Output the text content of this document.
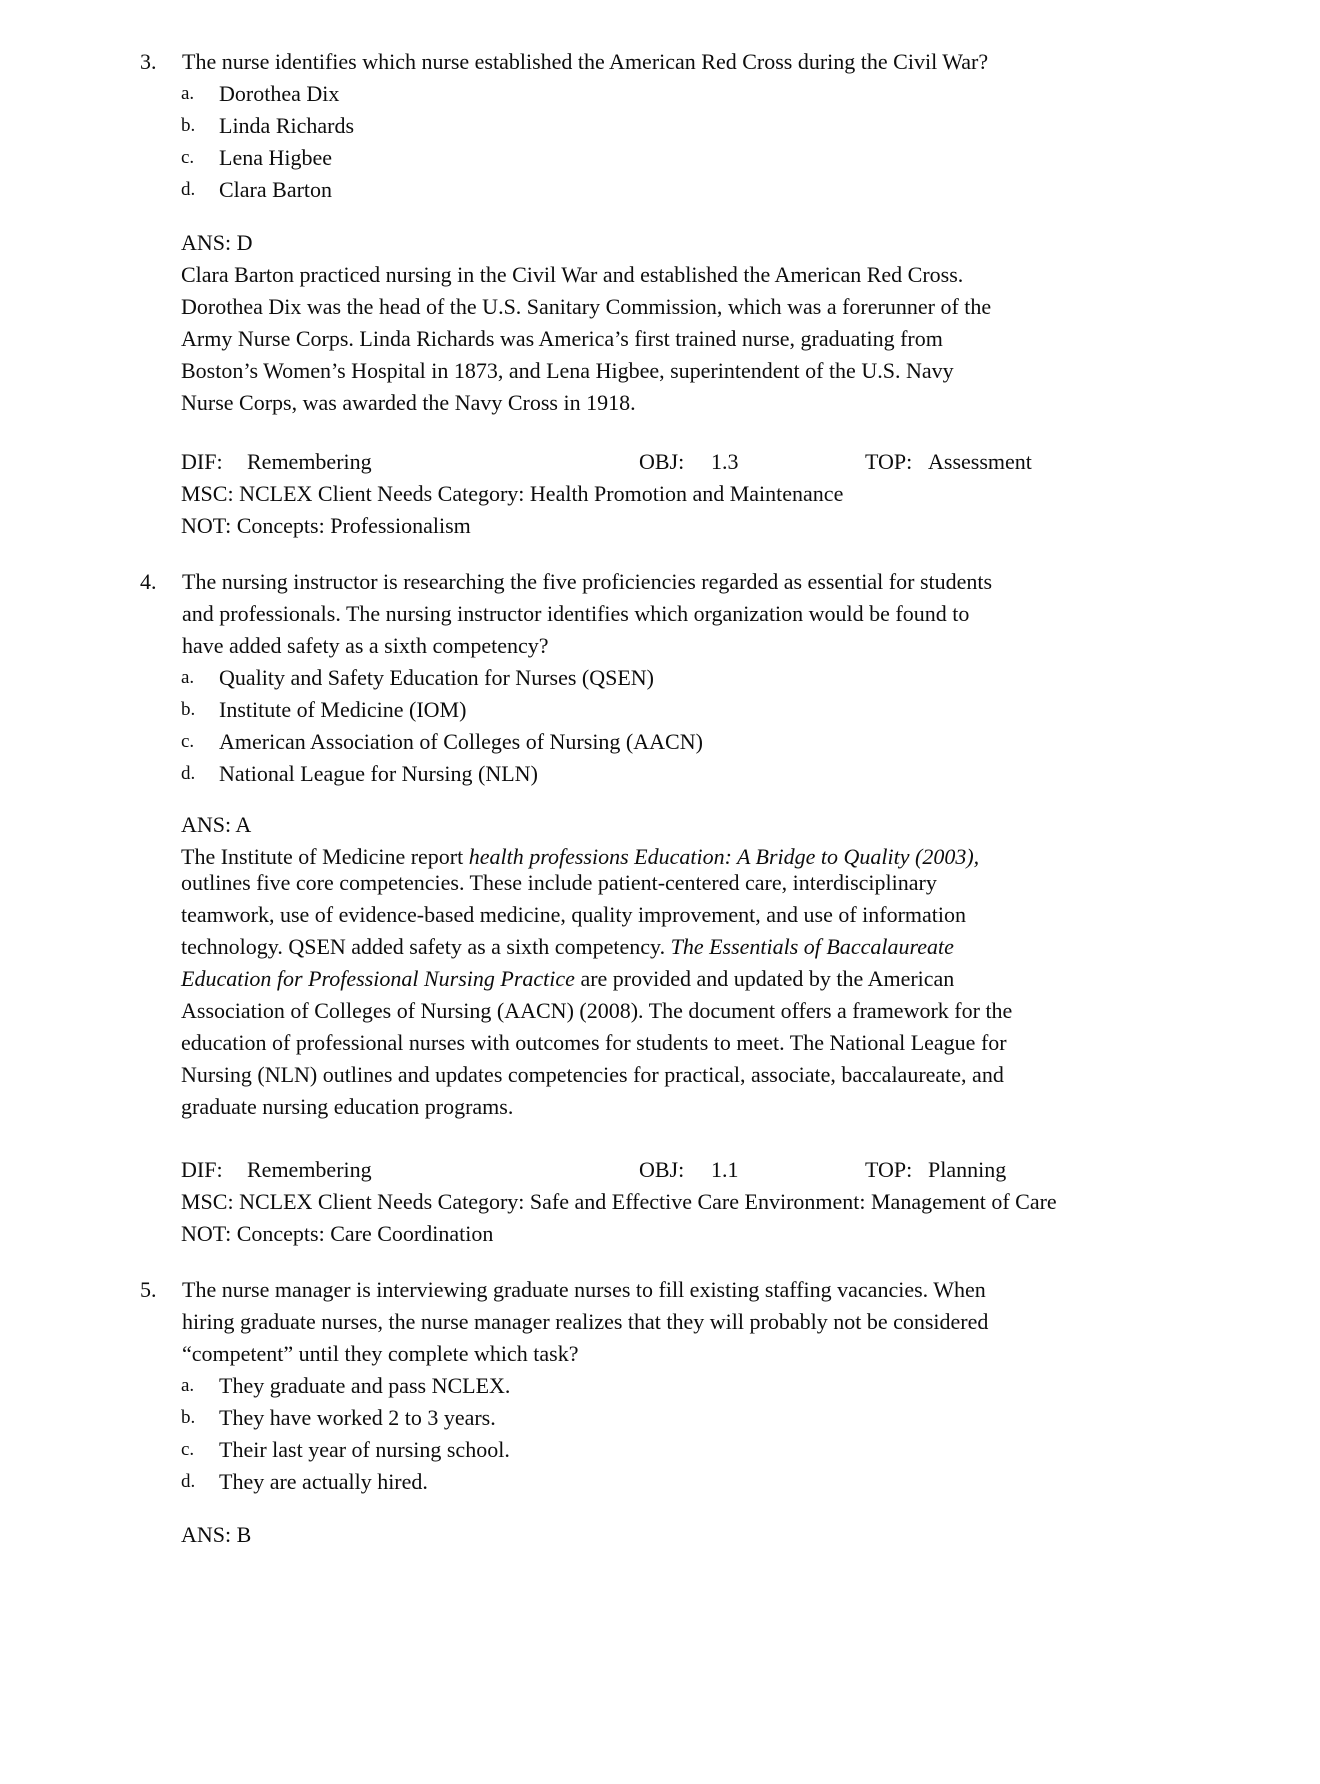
3.	The nurse identifies which nurse established the American Red Cross during the Civil War?
a.	Dorothea Dix
b.	Linda Richards
c.	Lena Higbee
d.	Clara Barton
ANS: D
Clara Barton practiced nursing in the Civil War and established the American Red Cross.
Dorothea Dix was the head of the U.S. Sanitary Commission, which was a forerunner of the
Army Nurse Corps. Linda Richards was America’s first trained nurse, graduating from
Boston’s Women’s Hospital in 1873, and Lena Higbee, superintendent of the U.S. Navy
Nurse Corps, was awarded the Navy Cross in 1918.
DIF: Remembering	OBJ: 1.3	TOP: Assessment
MSC: NCLEX Client Needs Category: Health Promotion and Maintenance
NOT: Concepts: Professionalism
4.	The nursing instructor is researching the five proficiencies regarded as essential for students
and professionals. The nursing instructor identifies which organization would be found to
have added safety as a sixth competency?
a.	Quality and Safety Education for Nurses (QSEN)
b.	Institute of Medicine (IOM)
c.	American Association of Colleges of Nursing (AACN)
d.	National League for Nursing (NLN)
ANS: A
The Institute of Medicine report health professions Education: A Bridge to Quality (2003),
outlines five core competencies. These include patient-centered care, interdisciplinary
teamwork, use of evidence-based medicine, quality improvement, and use of information
technology. QSEN added safety as a sixth competency. The Essentials of Baccalaureate
Education for Professional Nursing Practice are provided and updated by the American
Association of Colleges of Nursing (AACN) (2008). The document offers a framework for the
education of professional nurses with outcomes for students to meet. The National League for
Nursing (NLN) outlines and updates competencies for practical, associate, baccalaureate, and
graduate nursing education programs.
DIF: Remembering	OBJ: 1.1	TOP: Planning
MSC: NCLEX Client Needs Category: Safe and Effective Care Environment: Management of Care
NOT: Concepts: Care Coordination
5.	The nurse manager is interviewing graduate nurses to fill existing staffing vacancies. When
hiring graduate nurses, the nurse manager realizes that they will probably not be considered
“competent” until they complete which task?
a.	They graduate and pass NCLEX.
b.	They have worked 2 to 3 years.
c.	Their last year of nursing school.
d.	They are actually hired.
ANS: B
